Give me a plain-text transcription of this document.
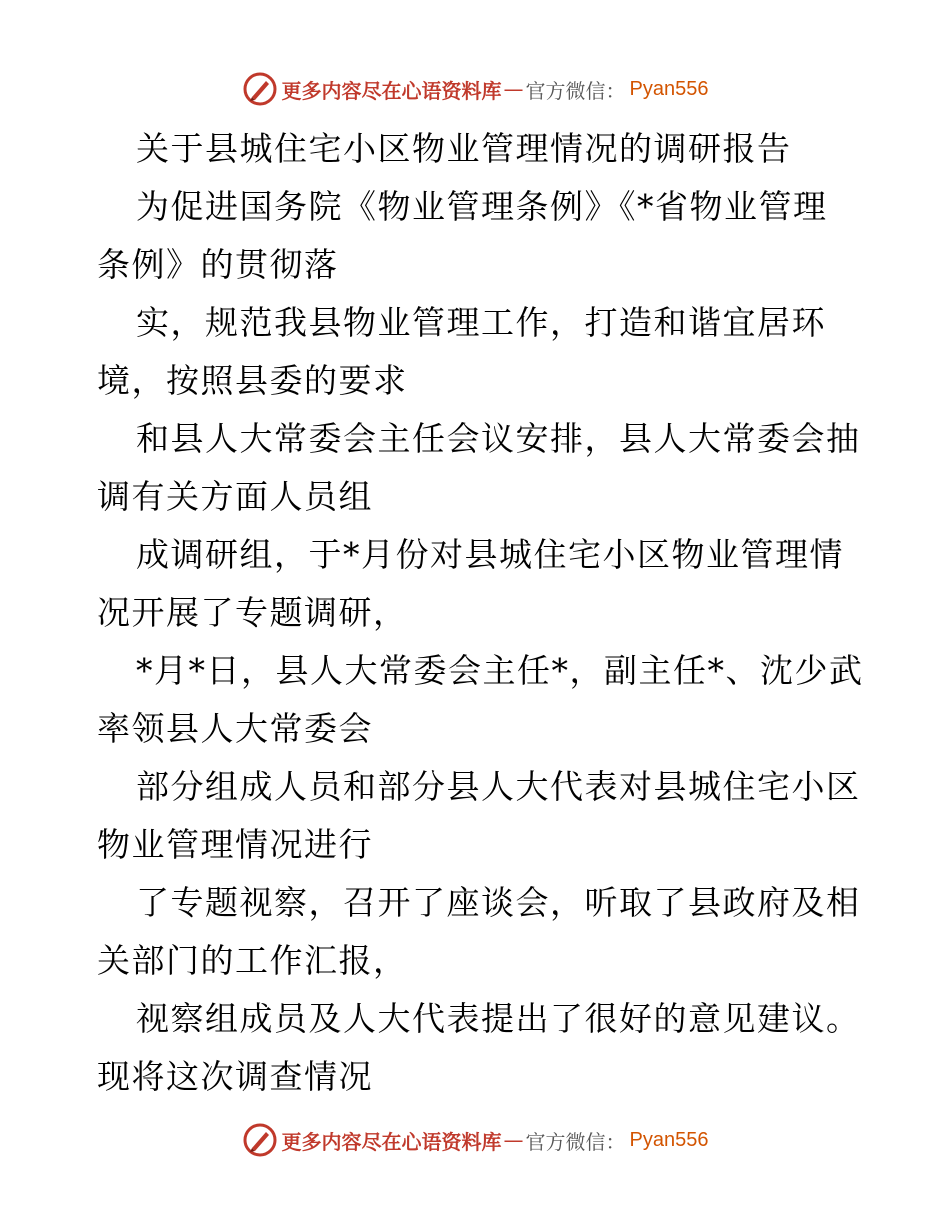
更多内容尽在心语资料库 — 官方微信： Pyan556
关于县城住宅小区物业管理情况的调研报告
为促进国务院《物业管理条例》《*省物业管理
条例》的贯彻落
实，规范我县物业管理工作，打造和谐宜居环
境，按照县委的要求
和县人大常委会主任会议安排，县人大常委会抽
调有关方面人员组
成调研组，于*月份对县城住宅小区物业管理情
况开展了专题调研，
*月*日，县人大常委会主任*，副主任*、沈少武
率领县人大常委会
部分组成人员和部分县人大代表对县城住宅小区
物业管理情况进行
了专题视察，召开了座谈会，听取了县政府及相
关部门的工作汇报，
视察组成员及人大代表提出了很好的意见建议。
现将这次调查情况
更多内容尽在心语资料库 — 官方微信： Pyan556
